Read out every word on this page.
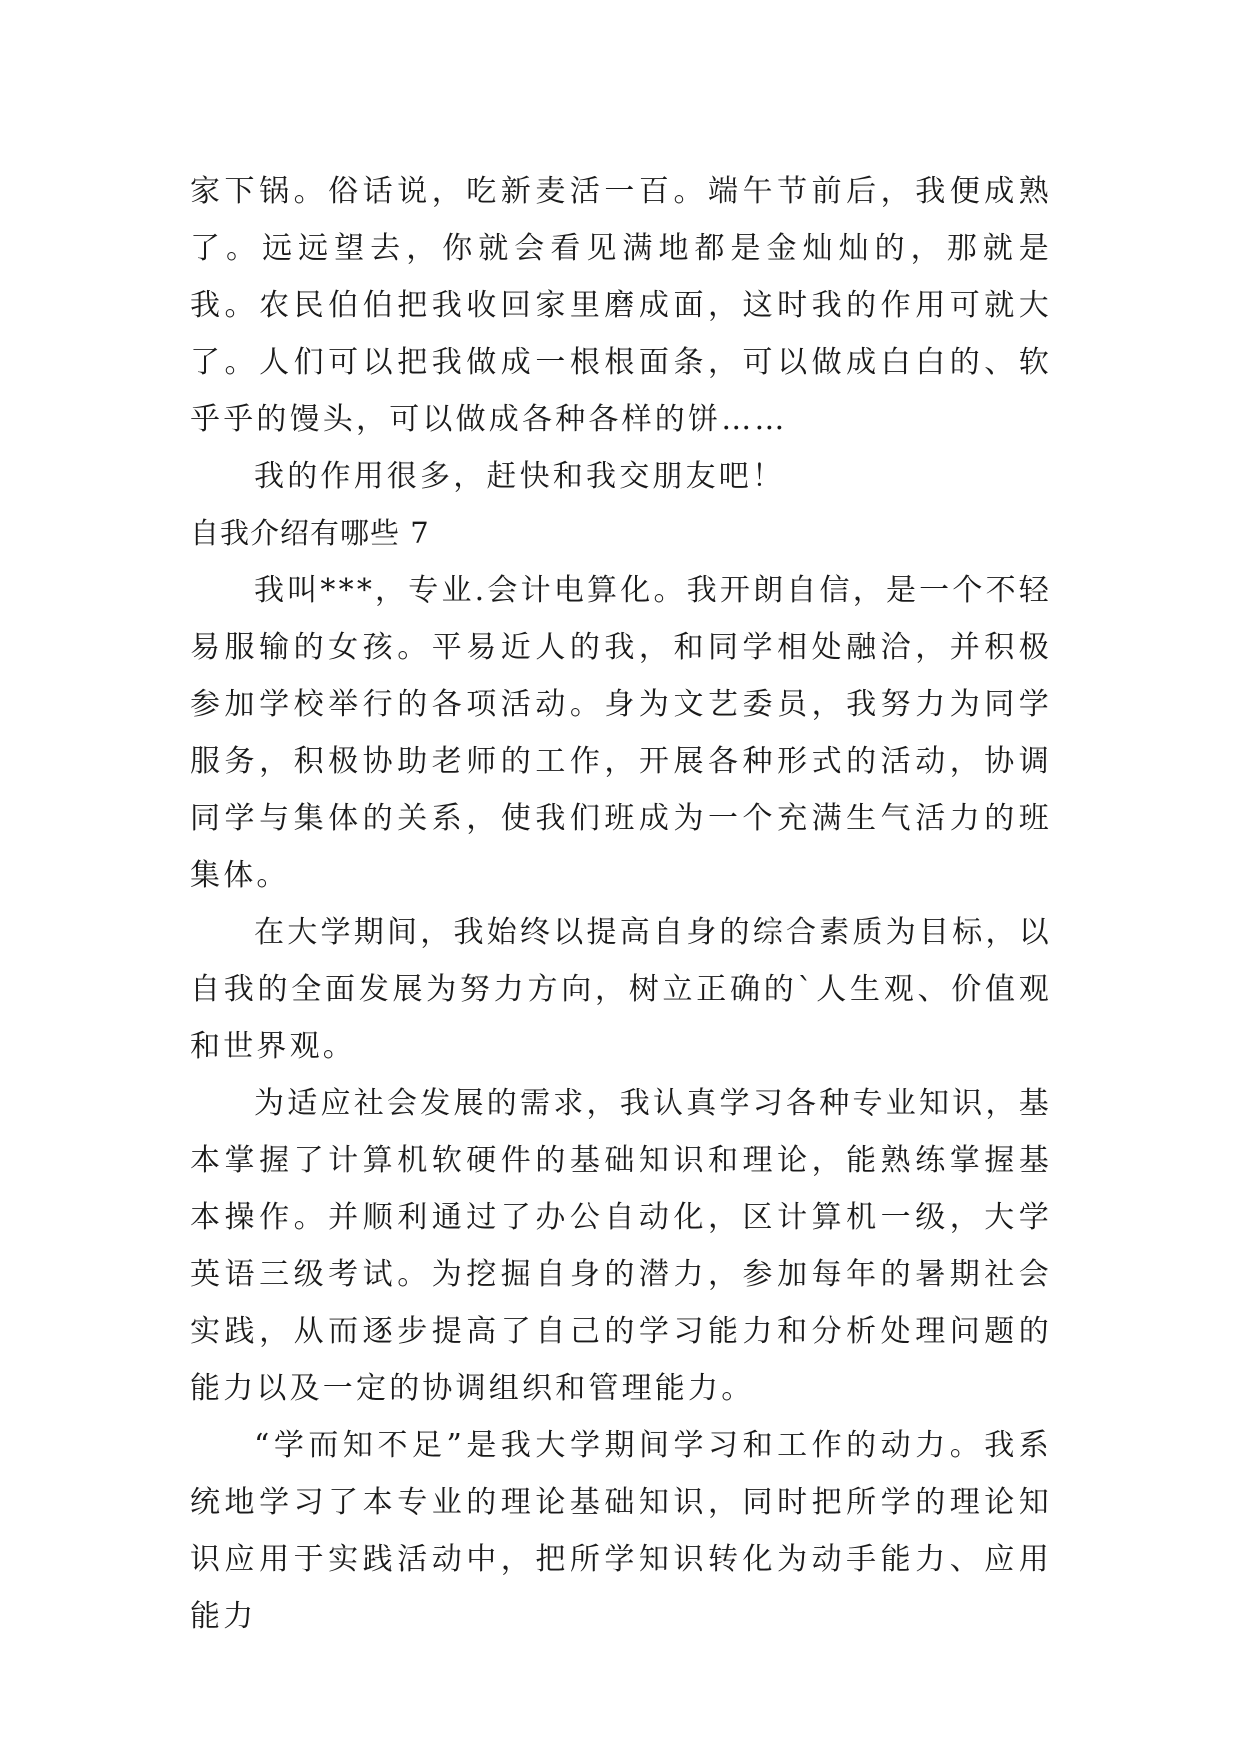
家下锅。俗话说，吃新麦活一百。端午节前后，我便成熟了。远远望去，你就会看见满地都是金灿灿的，那就是我。农民伯伯把我收回家里磨成面，这时我的作用可就大了。人们可以把我做成一根根面条，可以做成白白的、软乎乎的馒头，可以做成各种各样的饼……

我的作用很多，赶快和我交朋友吧！

自我介绍有哪些 7

我叫***，专业.会计电算化。我开朗自信，是一个不轻易服输的女孩。平易近人的我，和同学相处融洽，并积极参加学校举行的各项活动。身为文艺委员，我努力为同学服务，积极协助老师的工作，开展各种形式的活动，协调同学与集体的关系，使我们班成为一个充满生气活力的班集体。

在大学期间，我始终以提高自身的综合素质为目标，以自我的全面发展为努力方向，树立正确的`人生观、价值观和世界观。

为适应社会发展的需求，我认真学习各种专业知识，基本掌握了计算机软硬件的基础知识和理论，能熟练掌握基本操作。并顺利通过了办公自动化，区计算机一级，大学英语三级考试。为挖掘自身的潜力，参加每年的暑期社会实践，从而逐步提高了自己的学习能力和分析处理问题的能力以及一定的协调组织和管理能力。

“学而知不足”是我大学期间学习和工作的动力。我系统地学习了本专业的理论基础知识，同时把所学的理论知识应用于实践活动中，把所学知识转化为动手能力、应用能力
